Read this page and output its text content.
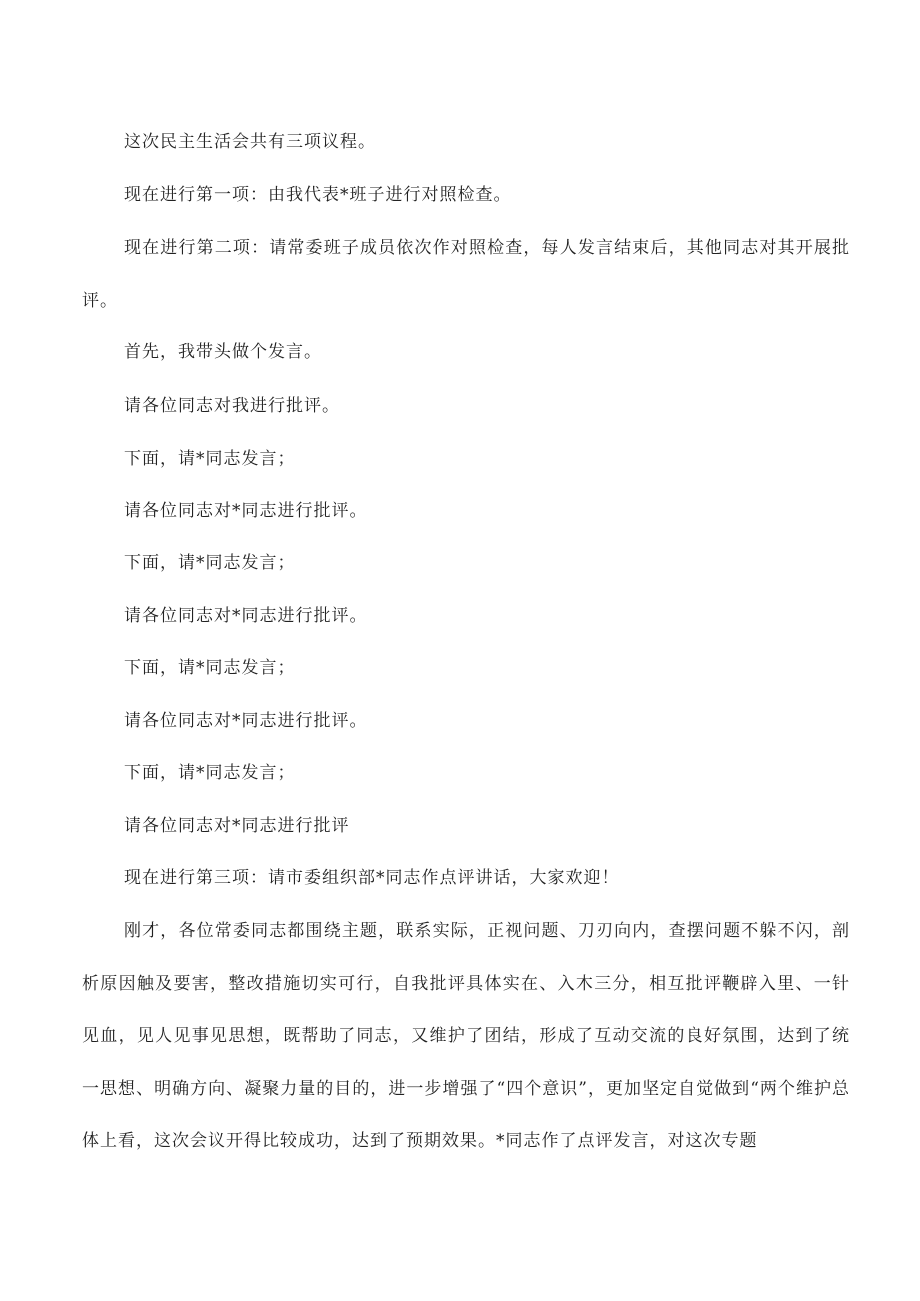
这次民主生活会共有三项议程。

现在进行第一项：由我代表*班子进行对照检查。

现在进行第二项：请常委班子成员依次作对照检查，每人发言结束后，其他同志对其开展批评。

首先，我带头做个发言。

请各位同志对我进行批评。

下面，请*同志发言；

请各位同志对*同志进行批评。

下面，请*同志发言；

请各位同志对*同志进行批评。

下面，请*同志发言；

请各位同志对*同志进行批评。

下面，请*同志发言；

请各位同志对*同志进行批评

现在进行第三项：请市委组织部*同志作点评讲话，大家欢迎！

刚才，各位常委同志都围绕主题，联系实际，正视问题、刀刃向内，查摆问题不躲不闪，剖析原因触及要害，整改措施切实可行，自我批评具体实在、入木三分，相互批评鞭辟入里、一针见血，见人见事见思想，既帮助了同志，又维护了团结，形成了互动交流的良好氛围，达到了统一思想、明确方向、凝聚力量的目的，进一步增强了“四个意识”，更加坚定自觉做到“两个维护总体上看，这次会议开得比较成功，达到了预期效果。*同志作了点评发言，对这次专题
